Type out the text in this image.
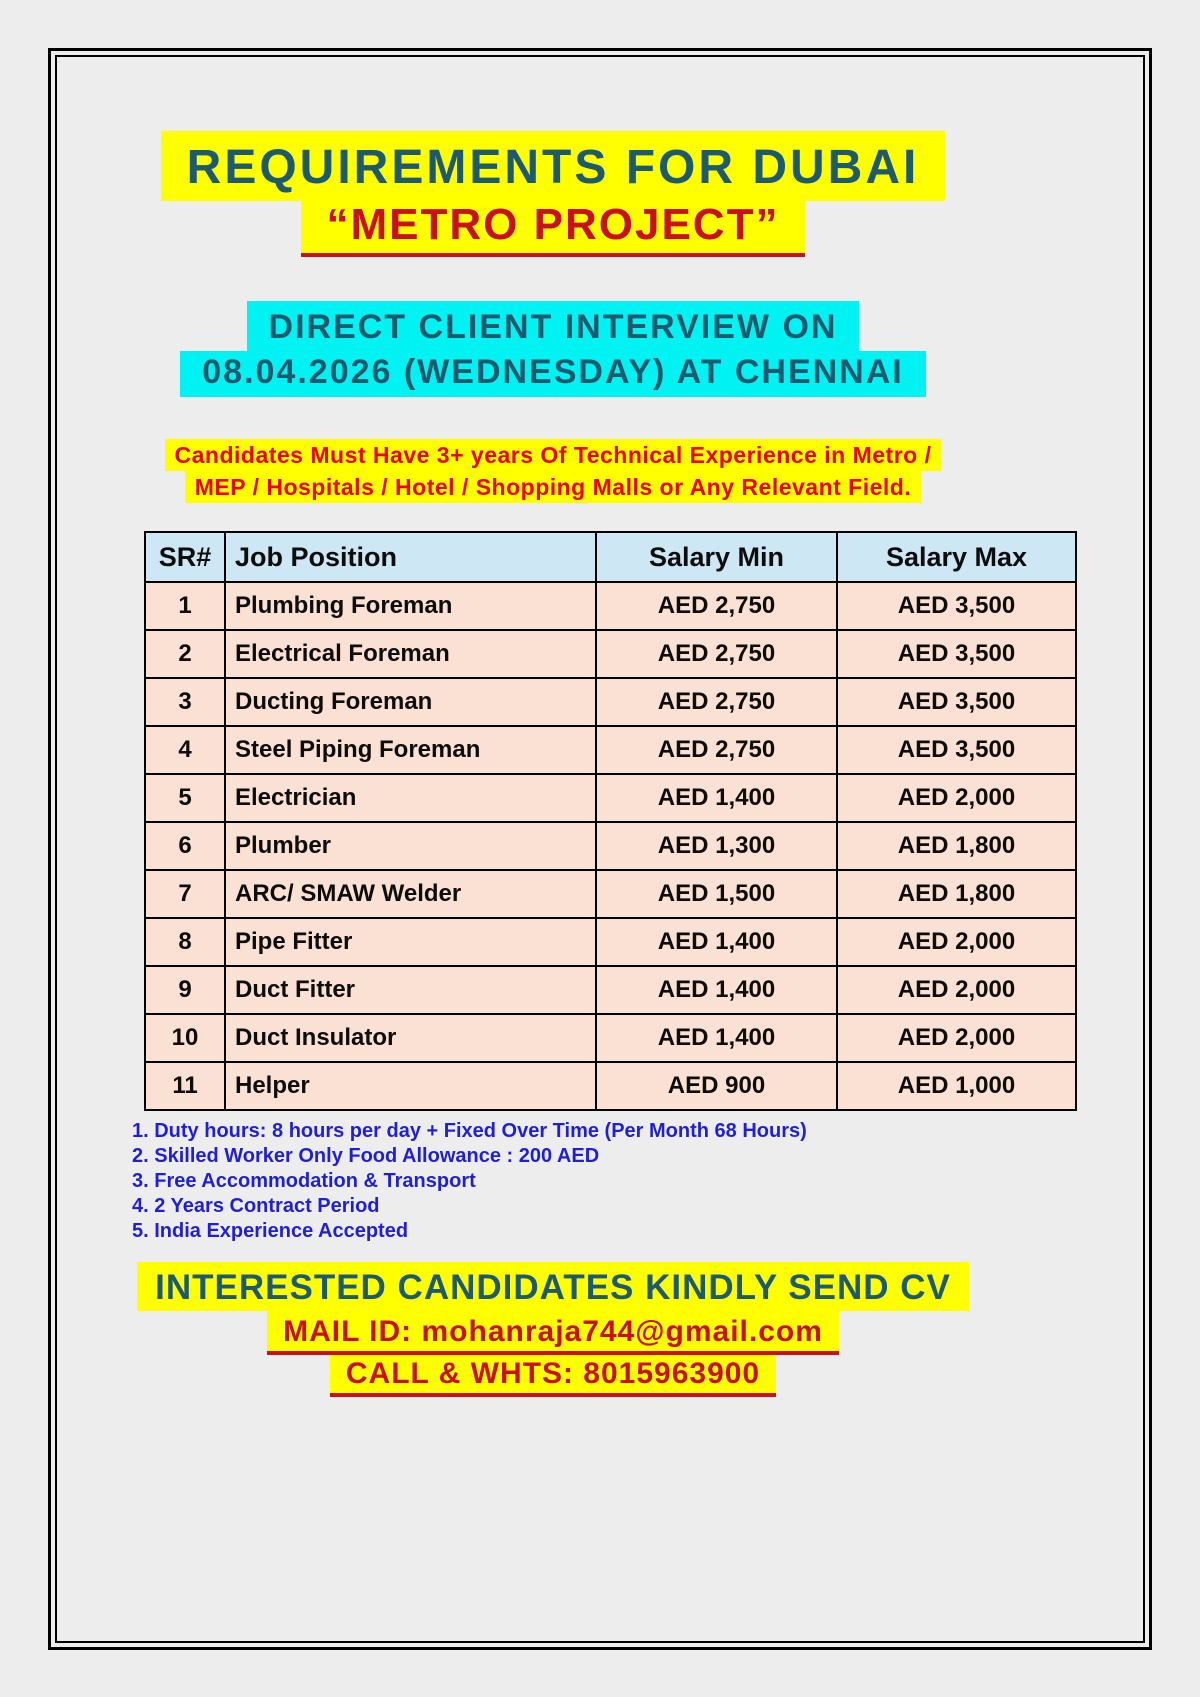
REQUIREMENTS FOR DUBAI
“METRO PROJECT”
DIRECT CLIENT INTERVIEW ON
08.04.2026 (WEDNESDAY) AT CHENNAI
Candidates Must Have 3+ years Of Technical Experience in Metro /
MEP / Hospitals / Hotel / Shopping Malls or Any Relevant Field.
SR#	Job Position	Salary Min	Salary Max
1	Plumbing Foreman	AED 2,750	AED 3,500
2	Electrical Foreman	AED 2,750	AED 3,500
3	Ducting Foreman	AED 2,750	AED 3,500
4	Steel Piping Foreman	AED 2,750	AED 3,500
5	Electrician	AED 1,400	AED 2,000
6	Plumber	AED 1,300	AED 1,800
7	ARC/ SMAW Welder	AED 1,500	AED 1,800
8	Pipe Fitter	AED 1,400	AED 2,000
9	Duct Fitter	AED 1,400	AED 2,000
10	Duct Insulator	AED 1,400	AED 2,000
11	Helper	AED 900	AED 1,000
1. Duty hours: 8 hours per day + Fixed Over Time (Per Month 68 Hours)
2. Skilled Worker Only Food Allowance : 200 AED
3. Free Accommodation & Transport
4. 2 Years Contract Period
5. India Experience Accepted
INTERESTED CANDIDATES KINDLY SEND CV
MAIL ID: mohanraja744@gmail.com
CALL & WHTS: 8015963900
